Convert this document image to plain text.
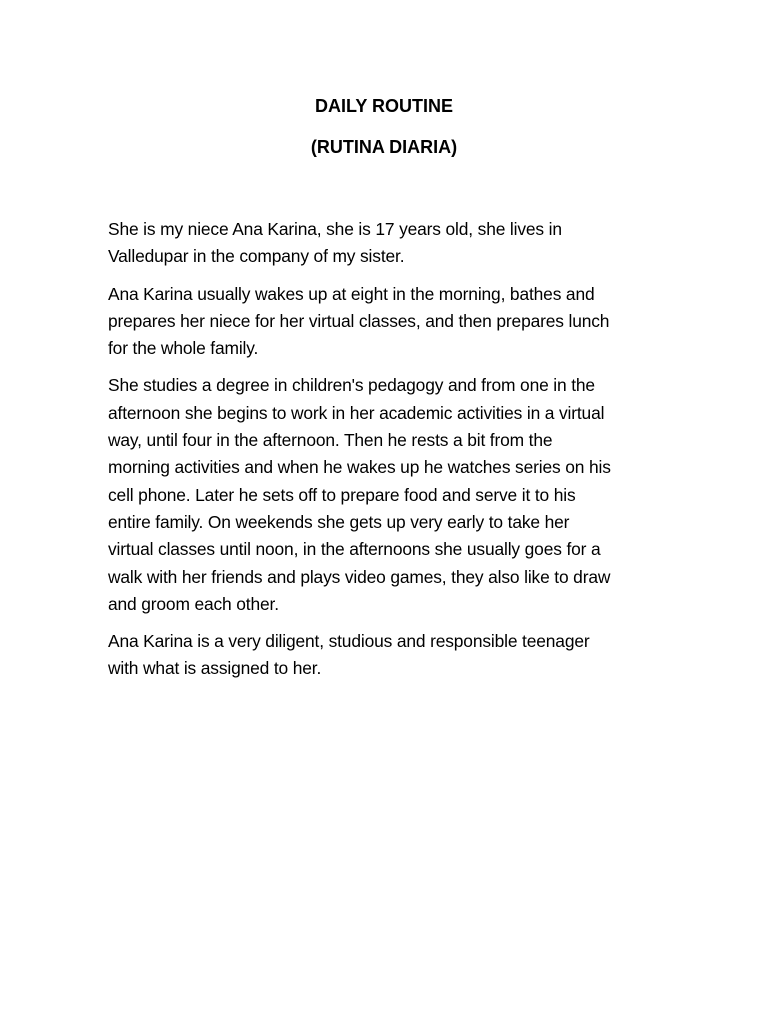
DAILY ROUTINE
(RUTINA DIARIA)

She is my niece Ana Karina, she is 17 years old, she lives in
Valledupar in the company of my sister.

Ana Karina usually wakes up at eight in the morning, bathes and
prepares her niece for her virtual classes, and then prepares lunch
for the whole family.

She studies a degree in children's pedagogy and from one in the
afternoon she begins to work in her academic activities in a virtual
way, until four in the afternoon. Then he rests a bit from the
morning activities and when he wakes up he watches series on his
cell phone. Later he sets off to prepare food and serve it to his
entire family. On weekends she gets up very early to take her
virtual classes until noon, in the afternoons she usually goes for a
walk with her friends and plays video games, they also like to draw
and groom each other.

Ana Karina is a very diligent, studious and responsible teenager
with what is assigned to her.
